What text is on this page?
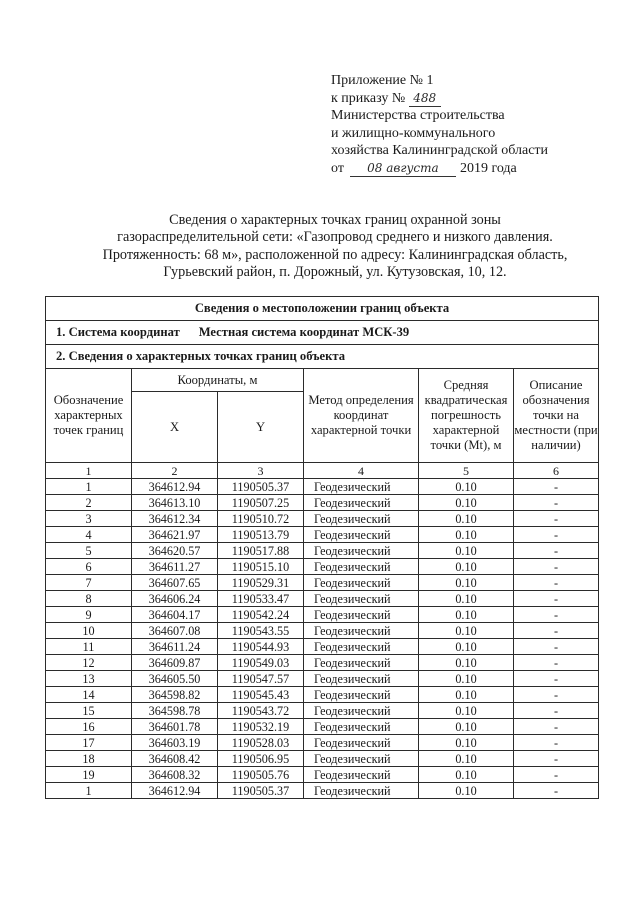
Приложение № 1
к приказу № 488
Министерства строительства
и жилищно-коммунального
хозяйства Калининградской области
от 08 августа 2019 года
Сведения о характерных точках границ охранной зоны
газораспределительной сети: «Газопровод среднего и низкого давления.
Протяженность: 68 м», расположенной по адресу: Калининградская область,
Гурьевский район, п. Дорожный, ул. Кутузовская, 10, 12.
Сведения о местоположении границ объекта					
1. Система координат Местная система координат МСК-39					
2. Сведения о характерных точках границ объекта					
Обозначение характерных точек границ	Координаты, м		Метод определения координат характерной точки	Средняя квадратическая погрешность характерной точки (Mt), м	Описание обозначения точки на местности (при наличии)
	X	Y			
1	2	3	4	5	6
1	364612.94	1190505.37	Геодезический	0.10	-
2	364613.10	1190507.25	Геодезический	0.10	-
3	364612.34	1190510.72	Геодезический	0.10	-
4	364621.97	1190513.79	Геодезический	0.10	-
5	364620.57	1190517.88	Геодезический	0.10	-
6	364611.27	1190515.10	Геодезический	0.10	-
7	364607.65	1190529.31	Геодезический	0.10	-
8	364606.24	1190533.47	Геодезический	0.10	-
9	364604.17	1190542.24	Геодезический	0.10	-
10	364607.08	1190543.55	Геодезический	0.10	-
11	364611.24	1190544.93	Геодезический	0.10	-
12	364609.87	1190549.03	Геодезический	0.10	-
13	364605.50	1190547.57	Геодезический	0.10	-
14	364598.82	1190545.43	Геодезический	0.10	-
15	364598.78	1190543.72	Геодезический	0.10	-
16	364601.78	1190532.19	Геодезический	0.10	-
17	364603.19	1190528.03	Геодезический	0.10	-
18	364608.42	1190506.95	Геодезический	0.10	-
19	364608.32	1190505.76	Геодезический	0.10	-
1	364612.94	1190505.37	Геодезический	0.10	-
